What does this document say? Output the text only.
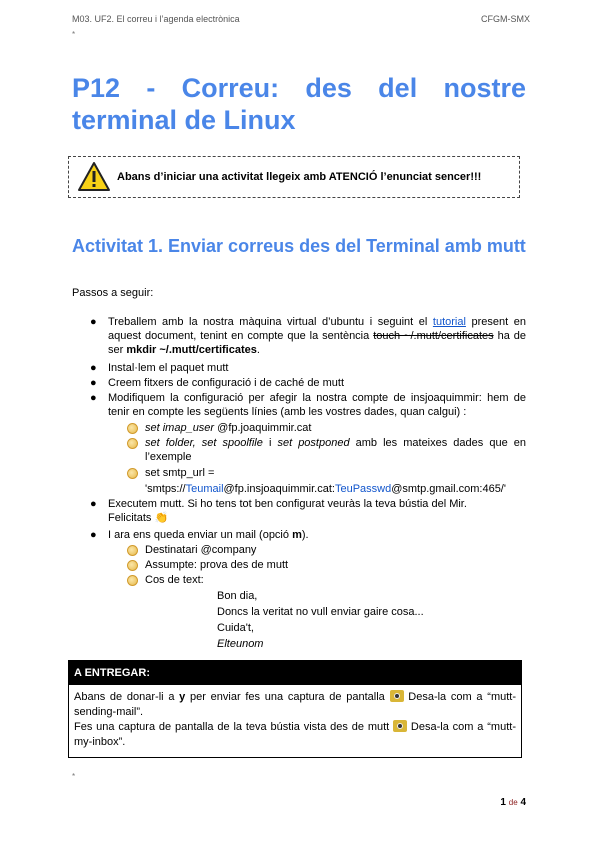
M03. UF2. El correu i l’agenda electrònica	CFGM-SMX
*
P12 - Correu: des del nostre terminal de Linux
Abans d’iniciar una activitat llegeix amb ATENCIÓ l’enunciat sencer!!!
Activitat 1. Enviar correus des del Terminal amb mutt
Passos a seguir:
● Treballem amb la nostra màquina virtual d’ubuntu i seguint el tutorial present en aquest document, tenint en compte que la sentència touch ~/.mutt/certificates ha de ser mkdir ~/.mutt/certificates.
● Instal·lem el paquet mutt
● Creem fitxers de configuració i de caché de mutt
● Modifiquem la configuració per afegir la nostra compte de insjoaquimmir: hem de tenir en compte les següents línies (amb les vostres dades, quan calgui) :
set imap_user @fp.joaquimmir.cat
set folder, set spoolfile i set postponed amb les mateixes dades que en l’exemple
set smtp_url =
'smtps://Teumail@fp.insjoaquimmir.cat:TeuPasswd@smtp.gmail.com:465/'
● Executem mutt. Si ho tens tot ben configurat veuràs la teva bústia del Mir.
Felicitats 👏
● I ara ens queda enviar un mail (opció m).
Destinatari @company
Assumpte: prova des de mutt
Cos de text:
Bon dia,
Doncs la veritat no vull enviar gaire cosa...
Cuida't,
Elteunom
A ENTREGAR:
Abans de donar-li a y per enviar fes una captura de pantalla  Desa-la com a “mutt-sending-mail”.
Fes una captura de pantalla de la teva bústia vista des de mutt  Desa-la com a “mutt-my-inbox”.
*
1 de 4
